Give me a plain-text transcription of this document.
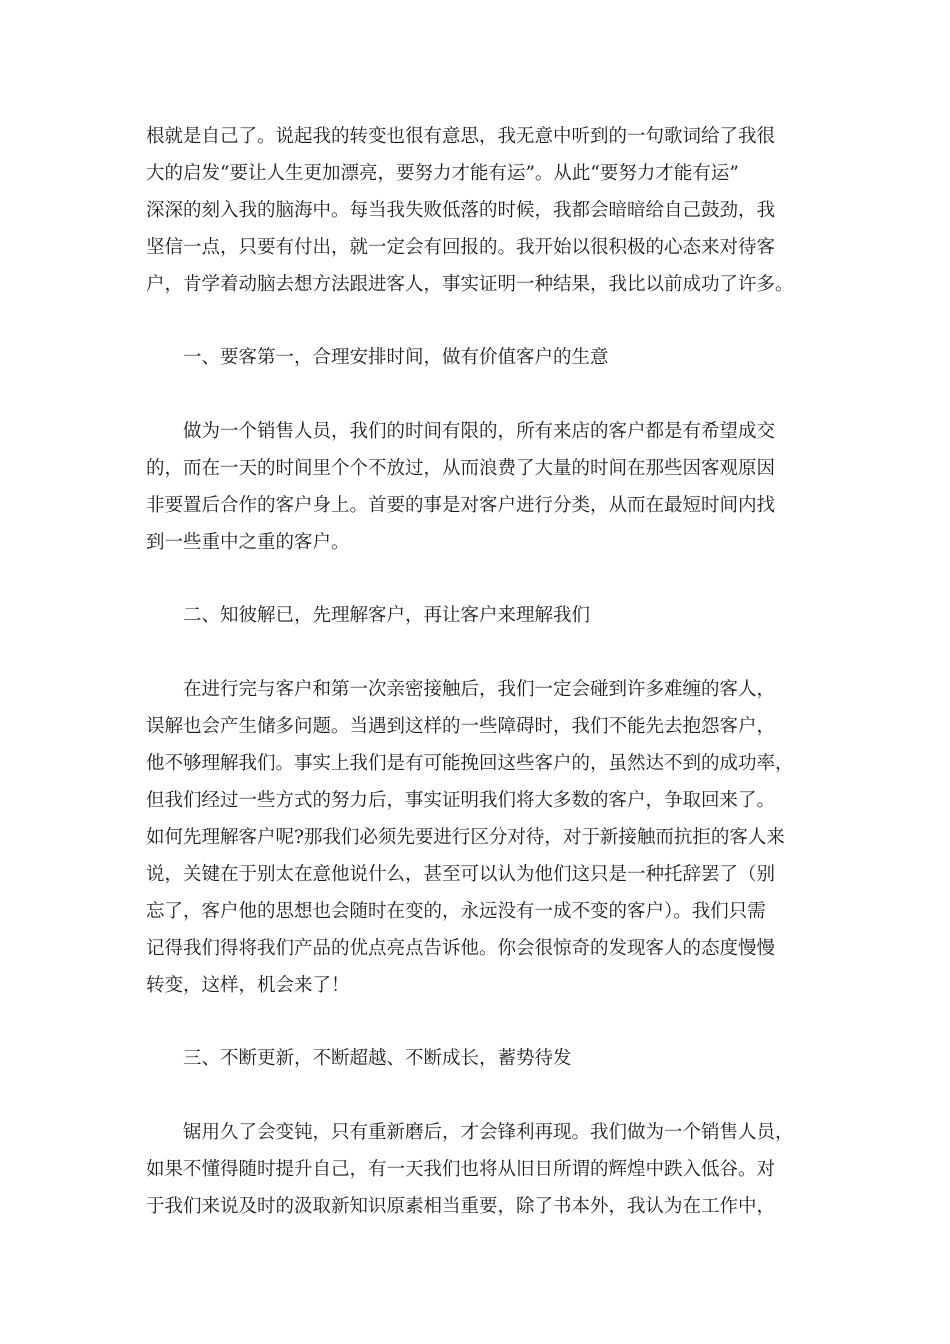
根就是自己了。说起我的转变也很有意思，我无意中听到的一句歌词给了我很
大的启发“要让人生更加漂亮，要努力才能有运”。从此“要努力才能有运”
深深的刻入我的脑海中。每当我失败低落的时候，我都会暗暗给自己鼓劲，我
坚信一点，只要有付出，就一定会有回报的。我开始以很积极的心态来对待客
户，肯学着动脑去想方法跟进客人，事实证明一种结果，我比以前成功了许多。
一、要客第一，合理安排时间，做有价值客户的生意
做为一个销售人员，我们的时间有限的，所有来店的客户都是有希望成交
的，而在一天的时间里个个不放过，从而浪费了大量的时间在那些因客观原因
非要置后合作的客户身上。首要的事是对客户进行分类，从而在最短时间内找
到一些重中之重的客户。
二、知彼解已，先理解客户，再让客户来理解我们
在进行完与客户和第一次亲密接触后，我们一定会碰到许多难缠的客人，
误解也会产生储多问题。当遇到这样的一些障碍时，我们不能先去抱怨客户，
他不够理解我们。事实上我们是有可能挽回这些客户的，虽然达不到的成功率，
但我们经过一些方式的努力后，事实证明我们将大多数的客户，争取回来了。
如何先理解客户呢?那我们必须先要进行区分对待，对于新接触而抗拒的客人来
说，关键在于别太在意他说什么，甚至可以认为他们这只是一种托辞罢了（别
忘了，客户他的思想也会随时在变的，永远没有一成不变的客户）。我们只需
记得我们得将我们产品的优点亮点告诉他。你会很惊奇的发现客人的态度慢慢
转变，这样，机会来了！
三、不断更新，不断超越、不断成长，蓄势待发
锯用久了会变钝，只有重新磨后，才会锋利再现。我们做为一个销售人员，
如果不懂得随时提升自己，有一天我们也将从旧日所谓的辉煌中跌入低谷。对
于我们来说及时的汲取新知识原素相当重要，除了书本外，我认为在工作中，
